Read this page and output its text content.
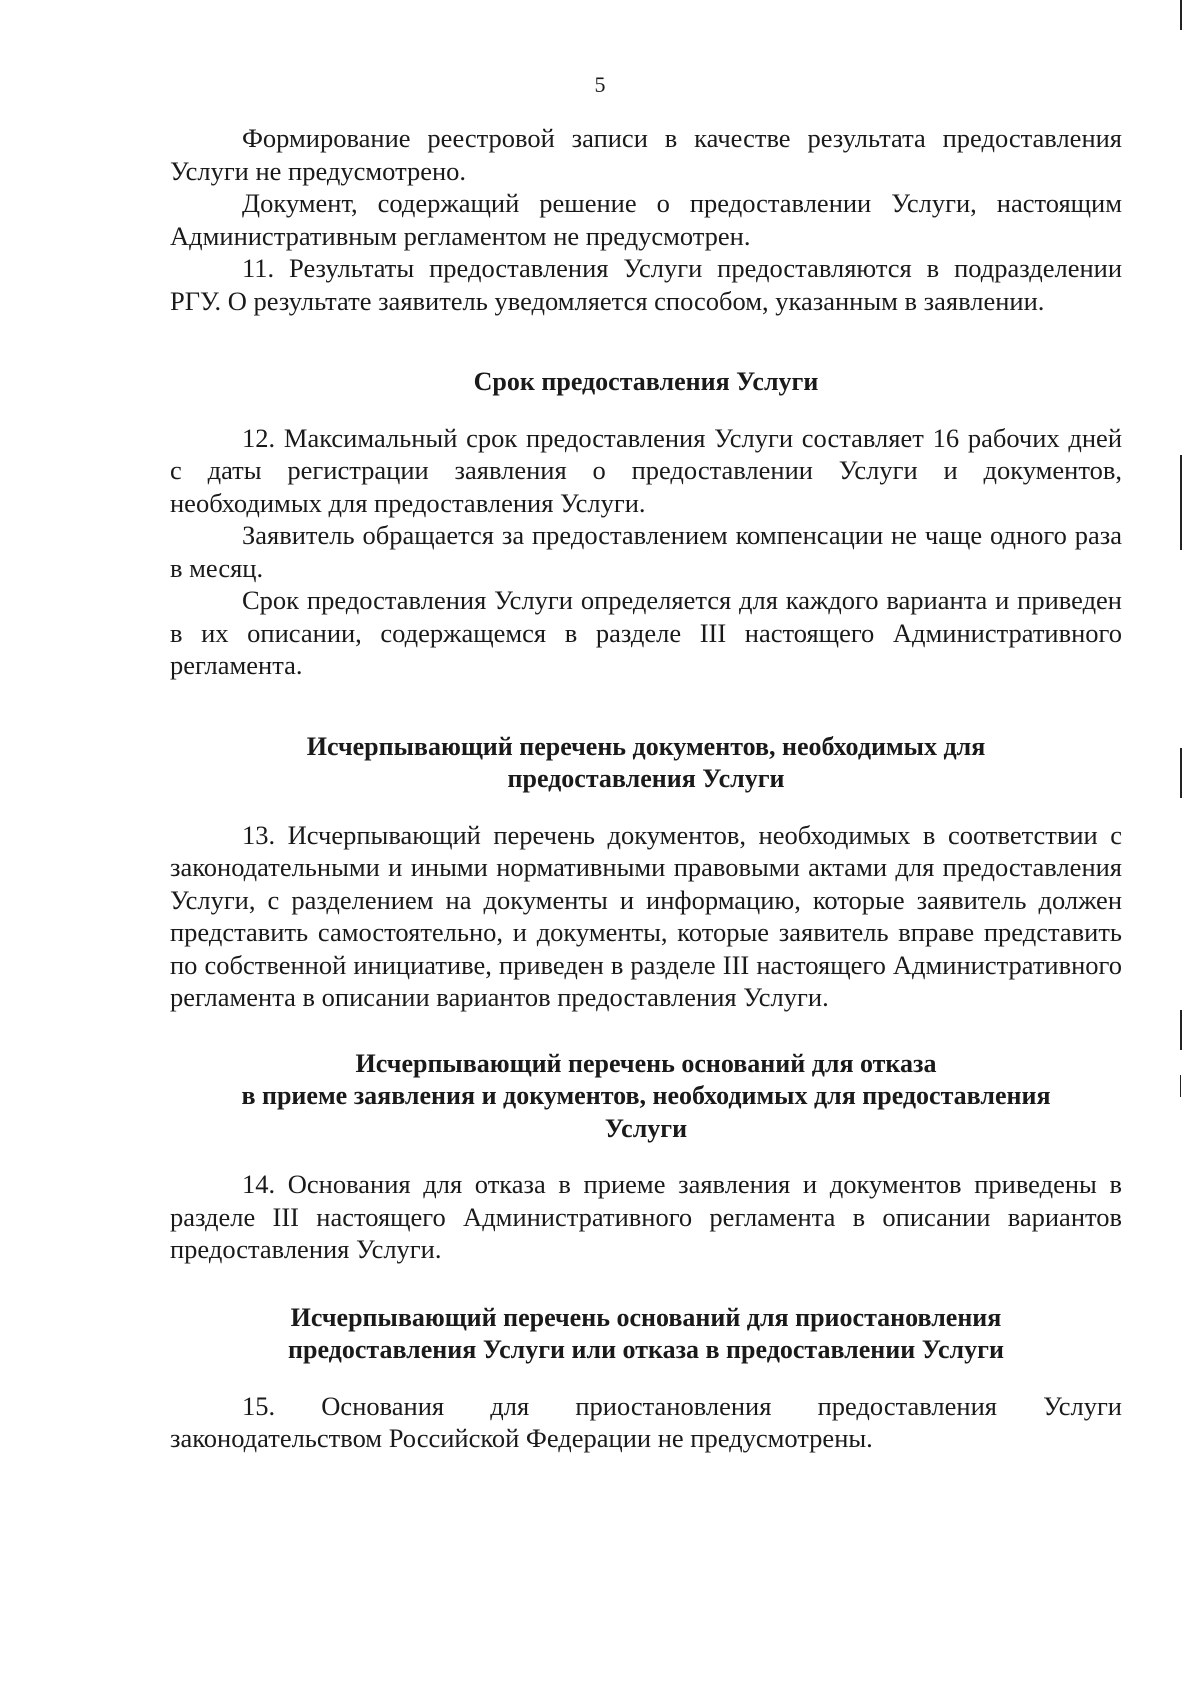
5

Формирование реестровой записи в качестве результата предоставления Услуги не предусмотрено.

Документ, содержащий решение о предоставлении Услуги, настоящим Административным регламентом не предусмотрен.

11. Результаты предоставления Услуги предоставляются в подразделении РГУ. О результате заявитель уведомляется способом, указанным в заявлении.

Срок предоставления Услуги

12. Максимальный срок предоставления Услуги составляет 16 рабочих дней с даты регистрации заявления о предоставлении Услуги и документов, необходимых для предоставления Услуги.

Заявитель обращается за предоставлением компенсации не чаще одного раза в месяц.

Срок предоставления Услуги определяется для каждого варианта и приведен в их описании, содержащемся в разделе III настоящего Административного регламента.

Исчерпывающий перечень документов, необходимых для
предоставления Услуги

13. Исчерпывающий перечень документов, необходимых в соответствии с законодательными и иными нормативными правовыми актами для предоставления Услуги, с разделением на документы и информацию, которые заявитель должен представить самостоятельно, и документы, которые заявитель вправе представить по собственной инициативе, приведен в разделе III настоящего Административного регламента в описании вариантов предоставления Услуги.

Исчерпывающий перечень оснований для отказа
в приеме заявления и документов, необходимых для предоставления
Услуги

14. Основания для отказа в приеме заявления и документов приведены в разделе III настоящего Административного регламента в описании вариантов предоставления Услуги.

Исчерпывающий перечень оснований для приостановления
предоставления Услуги или отказа в предоставлении Услуги

15. Основания для приостановления предоставления Услуги законодательством Российской Федерации не предусмотрены.
